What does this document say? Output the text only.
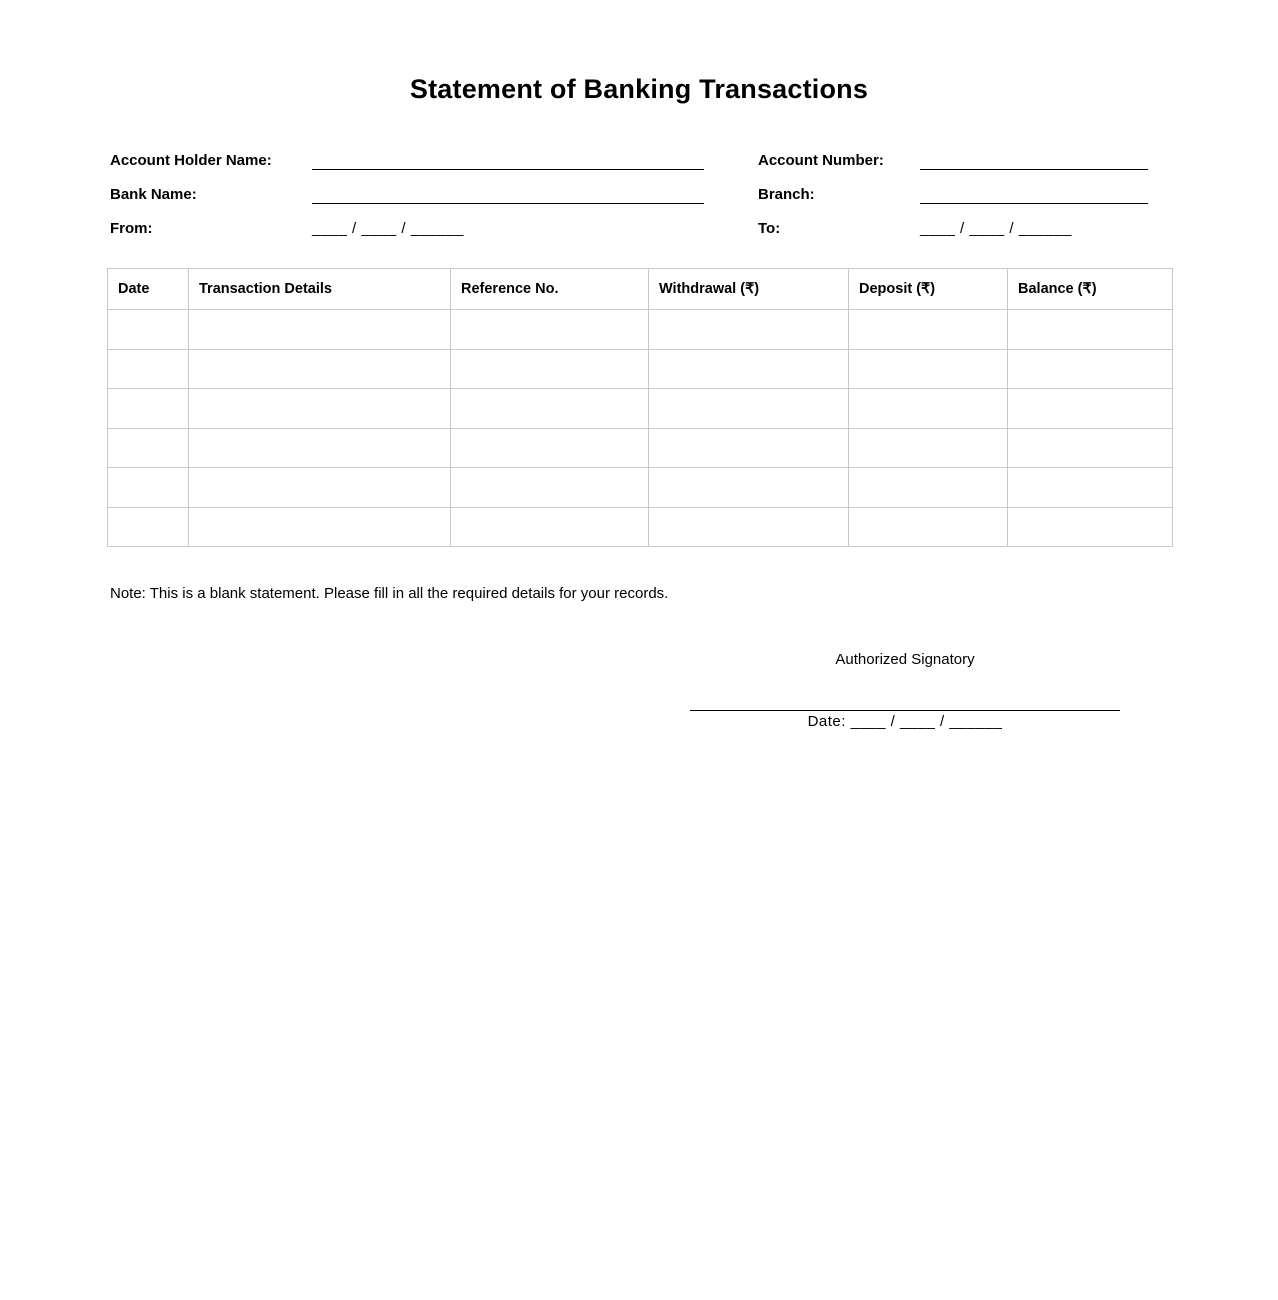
Statement of Banking Transactions
Account Holder Name:	Account Number:
Bank Name:	Branch:
From:	____ / ____ / ______	To:	____ / ____ / ______
Date	Transaction Details	Reference No.	Withdrawal (₹)	Deposit (₹)	Balance (₹)

Note: This is a blank statement. Please fill in all the required details for your records.
Authorized Signatory
Date: ____ / ____ / ______
